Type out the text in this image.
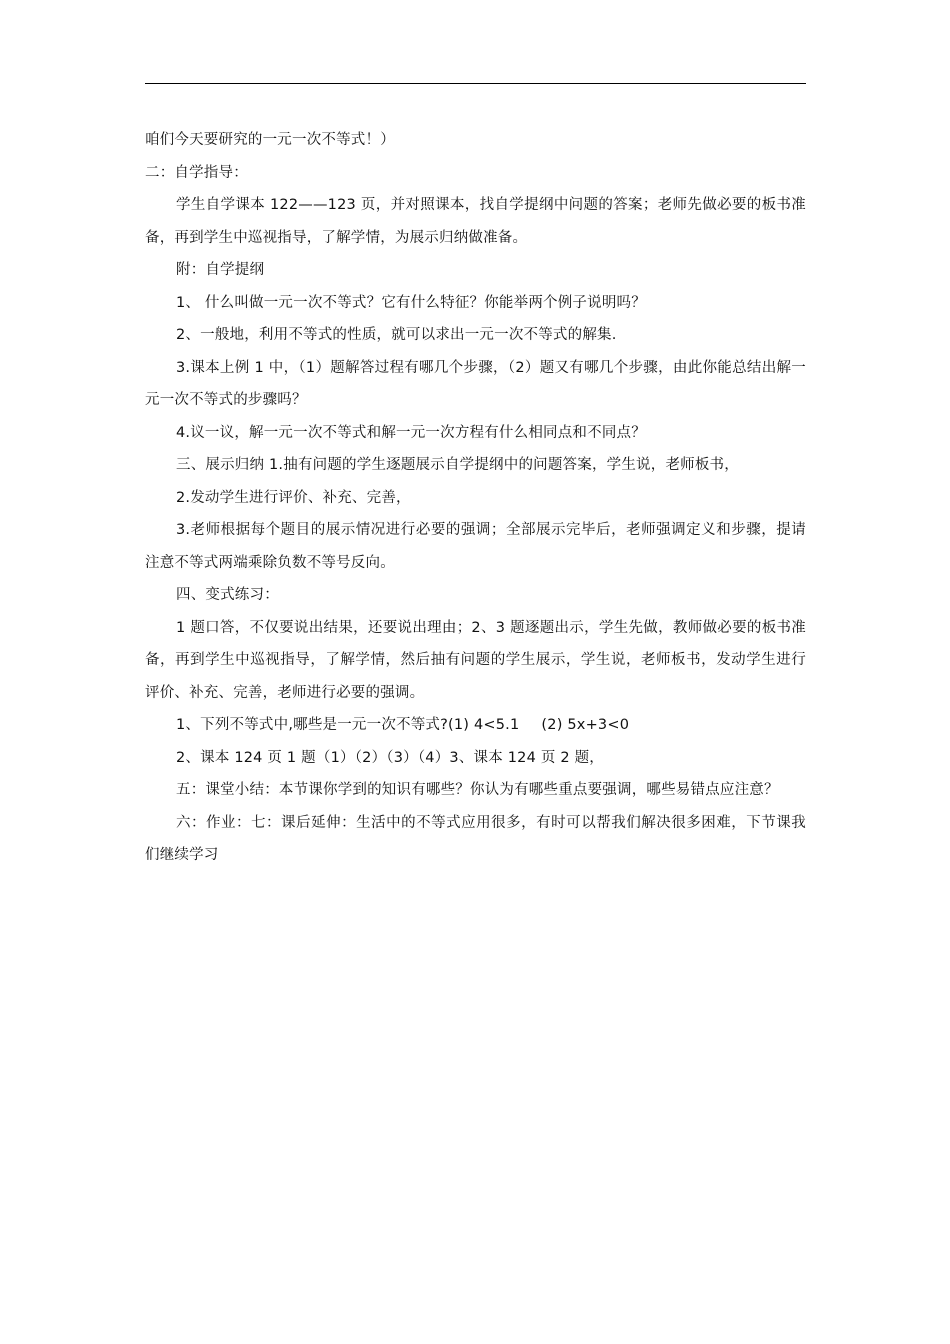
咱们今天要研究的一元一次不等式！）

二：自学指导：

学生自学课本 122——123 页，并对照课本，找自学提纲中问题的答案；老师先做必要的板书准备，再到学生中巡视指导，了解学情，为展示归纳做准备。

附：自学提纲

1、 什么叫做一元一次不等式？它有什么特征？你能举两个例子说明吗？

2、一般地，利用不等式的性质，就可以求出一元一次不等式的解集.

3.课本上例 1 中，（1）题解答过程有哪几个步骤，（2）题又有哪几个步骤，由此你能总结出解一元一次不等式的步骤吗？

4.议一议，解一元一次不等式和解一元一次方程有什么相同点和不同点？

三、展示归纳 1.抽有问题的学生逐题展示自学提纲中的问题答案，学生说，老师板书，

2.发动学生进行评价、补充、完善，

3.老师根据每个题目的展示情况进行必要的强调；全部展示完毕后，老师强调定义和步骤，提请注意不等式两端乘除负数不等号反向。

四、变式练习：

1 题口答，不仅要说出结果，还要说出理由；2、3 题逐题出示，学生先做，教师做必要的板书准备，再到学生中巡视指导，了解学情，然后抽有问题的学生展示，学生说，老师板书，发动学生进行评价、补充、完善，老师进行必要的强调。

1、下列不等式中,哪些是一元一次不等式?(1) 4<5.1 (2) 5x+3<0

2、课本 124 页 1 题（1）（2）（3）（4）3、课本 124 页 2 题，

五：课堂小结：本节课你学到的知识有哪些？你认为有哪些重点要强调，哪些易错点应注意？

六：作业：七：课后延伸：生活中的不等式应用很多，有时可以帮我们解决很多困难，下节课我们继续学习
